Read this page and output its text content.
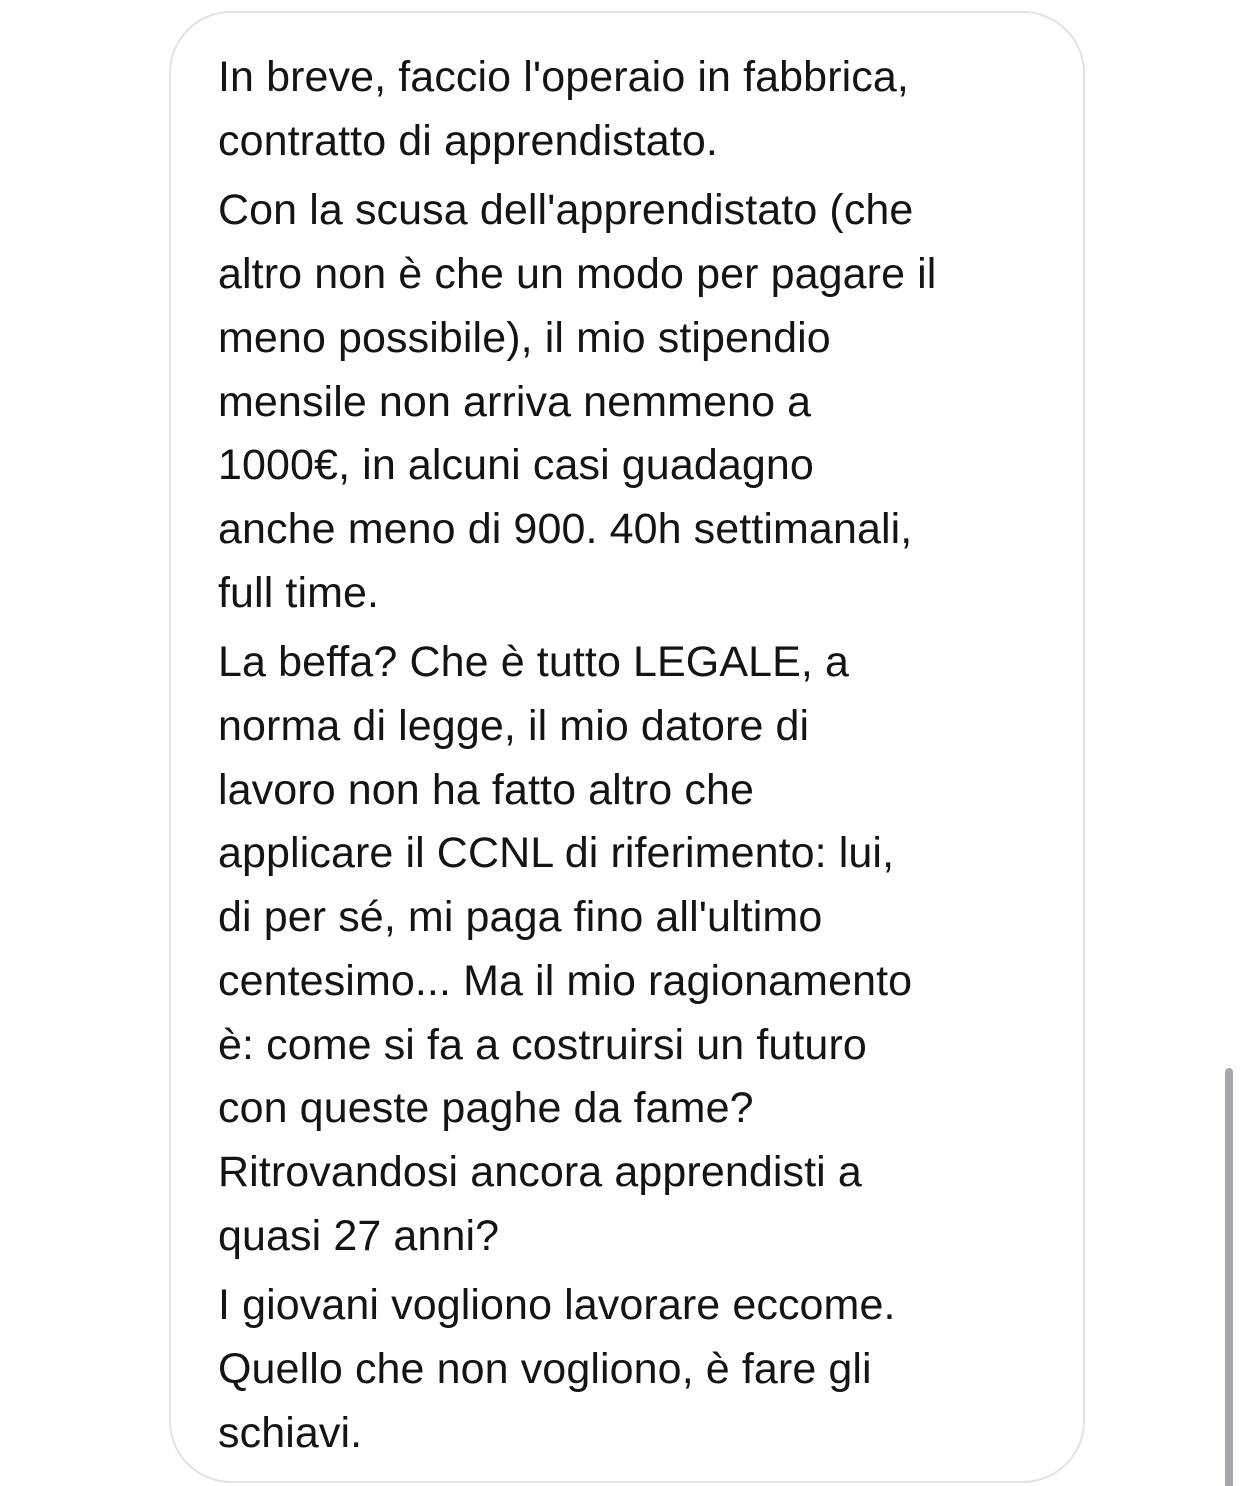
In breve, faccio l'operaio in fabbrica,
contratto di apprendistato.

Con la scusa dell'apprendistato (che
altro non è che un modo per pagare il
meno possibile), il mio stipendio
mensile non arriva nemmeno a
1000€, in alcuni casi guadagno
anche meno di 900. 40h settimanali,
full time.

La beffa? Che è tutto LEGALE, a
norma di legge, il mio datore di
lavoro non ha fatto altro che
applicare il CCNL di riferimento: lui,
di per sé, mi paga fino all'ultimo
centesimo... Ma il mio ragionamento
è: come si fa a costruirsi un futuro
con queste paghe da fame?
Ritrovandosi ancora apprendisti a
quasi 27 anni?

I giovani vogliono lavorare eccome.
Quello che non vogliono, è fare gli
schiavi.
